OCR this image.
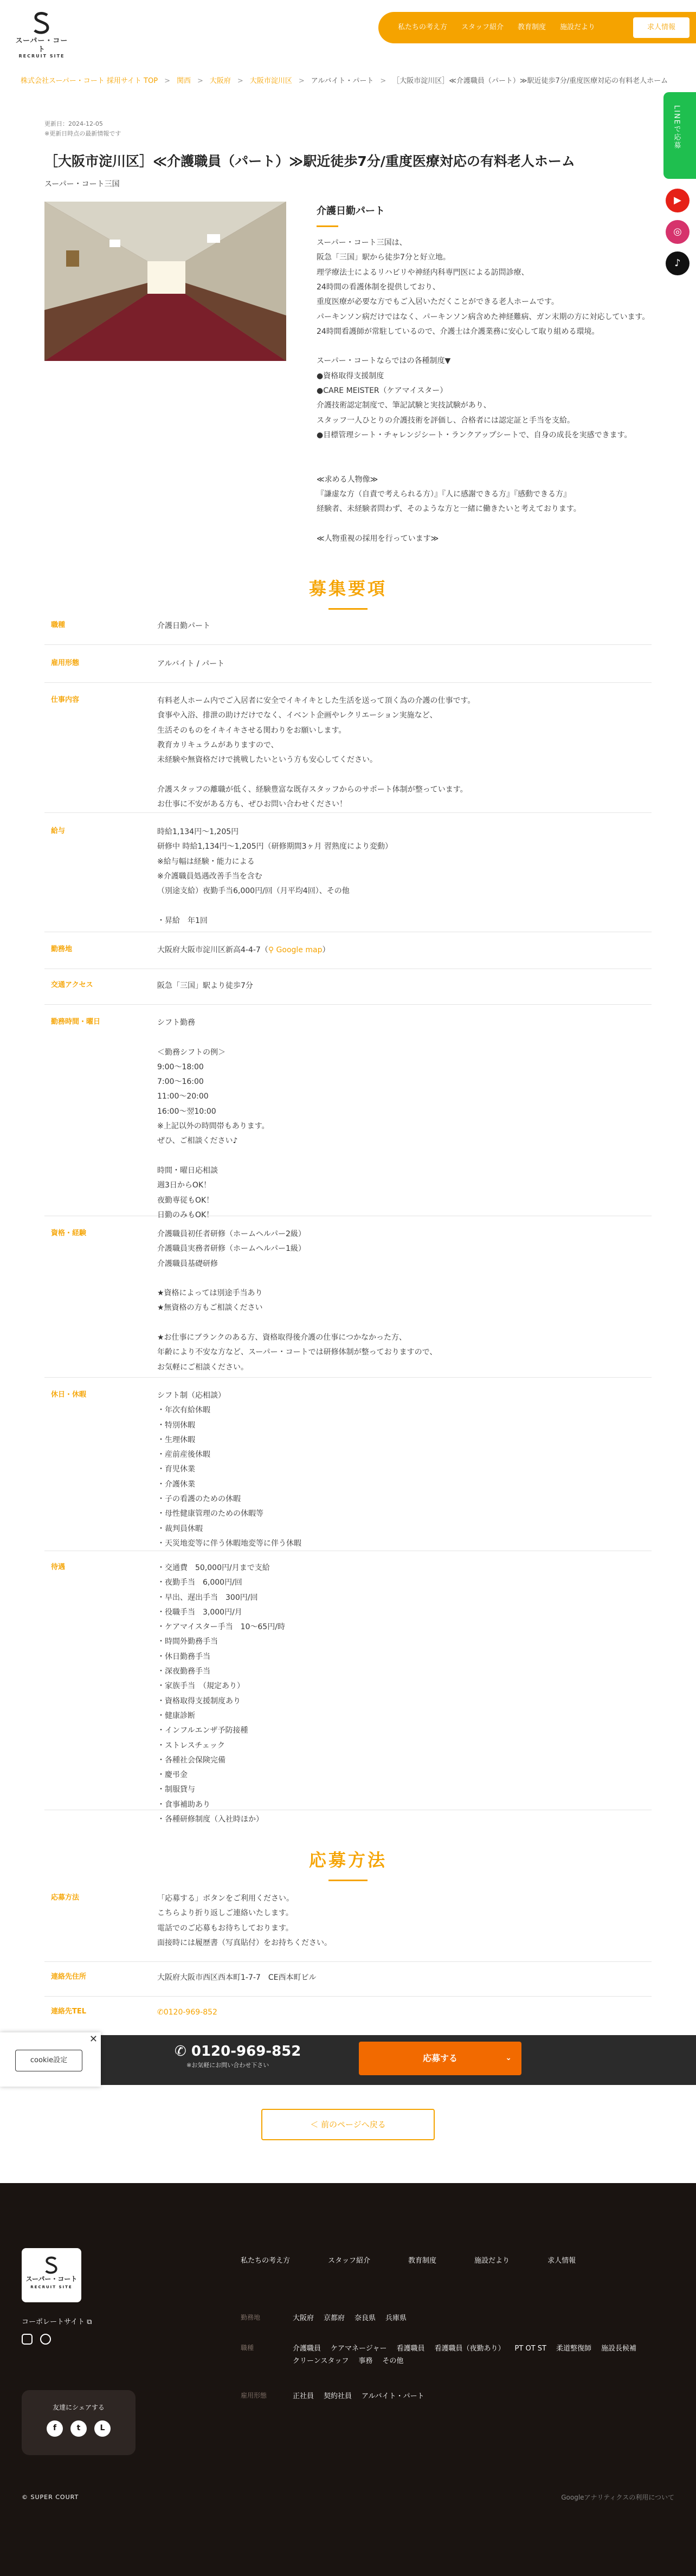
スーパー・コート
RECRUIT SITE
私たちの考え方 スタッフ紹介 教育制度 施設だより	求人情報
株式会社スーパー・コート 採用サイト TOP > 関西 > 大阪府 > 大阪市淀川区 > アルバイト・パート > ［大阪市淀川区］≪介護職員（パート）≫駅近徒歩7分/重度医療対応の有料老人ホーム
LINEで応募
▶
◎
♪
更新日：2024-12-05
※更新日時点の最新情報です
［大阪市淀川区］≪介護職員（パート）≫駅近徒歩7分/重度医療対応の有料老人ホーム
スーパー・コート三国
介護日勤パート

スーパー・コート三国は、
阪急「三国」駅から徒歩7分と好立地。
理学療法士によるリハビリや神経内科専門医による訪問診療、
24時間の看護体制を提供しており、
重度医療が必要な方でもご入居いただくことができる老人ホームです。
パーキンソン病だけではなく、パーキンソン病含めた神経難病、ガン末期の方に対応しています。
24時間看護師が常駐しているので、介護士は介護業務に安心して取り組める環境。

スーパー・コートならではの各種制度▼
●資格取得支援制度
●CARE MEISTER（ケアマイスター）
介護技術認定制度で、筆記試験と実技試験があり、
スタッフ一人ひとりの介護技術を評価し、合格者には認定証と手当を支給。
●目標管理シート・チャレンジシート・ランクアップシートで、自身の成長を実感できます。

≪求める人物像≫
『謙虚な方（自責で考えられる方）』『人に感謝できる方』『感動できる方』
経験者、未経験者問わず、そのような方と一緒に働きたいと考えております。

≪人物重視の採用を行っています≫

募集要項
職種	介護日勤パート
雇用形態	アルバイト / パート
仕事内容	有料老人ホーム内でご入居者に安全でイキイキとした生活を送って頂く為の介護の仕事です。
食事や入浴、排泄の助けだけでなく、イベント企画やレクリエーション実施など、
生活そのものをイキイキさせる関わりをお願いします。
教育カリキュラムがありますので、
未経験や無資格だけで挑戦したいという方も安心してください。

介護スタッフの離職が低く、経験豊富な既存スタッフからのサポート体制が整っています。
お仕事に不安がある方も、ぜひお問い合わせください！
給与	時給1,134円〜1,205円
研修中 時給1,134円〜1,205円（研修期間3ヶ月 習熟度により変動）
※給与幅は経験・能力による
※介護職員処遇改善手当を含む
（別途支給）夜勤手当6,000円/回（月平均4回）、その他

・昇給　年1回
勤務地	大阪府大阪市淀川区新高4-4-7（⚲ Google map）
交通アクセス	阪急「三国」駅より徒歩7分
勤務時間・曜日	シフト勤務

＜勤務シフトの例＞
9:00〜18:00
7:00〜16:00
11:00〜20:00
16:00〜翌10:00
※上記以外の時間帯もあります。
ぜひ、ご相談ください♪

時間・曜日応相談
週3日からOK！
夜勤専従もOK！
日勤のみもOK！
資格・経験	介護職員初任者研修（ホームヘルパー2級）
介護職員実務者研修（ホームヘルパー1級）
介護職員基礎研修

★資格によっては別途手当あり
★無資格の方もご相談ください

★お仕事にブランクのある方、資格取得後介護の仕事につかなかった方、
年齢により不安な方など、スーパー・コートでは研修体制が整っておりますので、
お気軽にご相談ください。
休日・休暇	シフト制（応相談）
・年次有給休暇
・特別休暇
・生理休暇
・産前産後休暇
・育児休業
・介護休業
・子の看護のための休暇
・母性健康管理のための休暇等
・裁判員休暇
・天災地変等に伴う休暇地変等に伴う休暇
待遇	・交通費　50,000円/月まで支給
・夜勤手当　6,000円/回
・早出、遅出手当　300円/回
・役職手当　3,000円/月
・ケアマイスター手当　10〜65円/時
・時間外勤務手当
・休日勤務手当
・深夜勤務手当
・家族手当　（規定あり）
・資格取得支援制度あり
・健康診断
・インフルエンザ予防接種
・ストレスチェック
・各種社会保険完備
・慶弔金
・制服貸与
・食事補助あり
・各種研修制度（入社時ほか）
応募方法
応募方法	「応募する」ボタンをご利用ください。
こちらより折り返しご連絡いたします。
電話でのご応募もお待ちしております。
面接時には履歴書（写真貼付）をお持ちください。
連絡先住所	大阪府大阪市西区西本町1-7-7　CE西本町ビル
連絡先TEL	✆0120-969-852
✆ 0120-969-852
※お気軽にお問い合わせ下さい
応募する	⌄
cookie設定
✕
＜ 前のページへ戻る
スーパー・コート
RECRUIT SITE
コーポレートサイト ⧉
友達にシェアする
f	t	L
私たちの考え方	スタッフ紹介	教育制度	施設だより	求人情報
勤務地	大阪府 京都府 奈良県 兵庫県
職種	介護職員 ケアマネージャー 看護職員 看護職員（夜勤あり） PT OT ST 柔道整復師 施設長候補
クリーンスタッフ 事務 その他
雇用形態	正社員 契約社員 アルバイト・パート
© SUPER COURT	Googleアナリティクスの利用について
